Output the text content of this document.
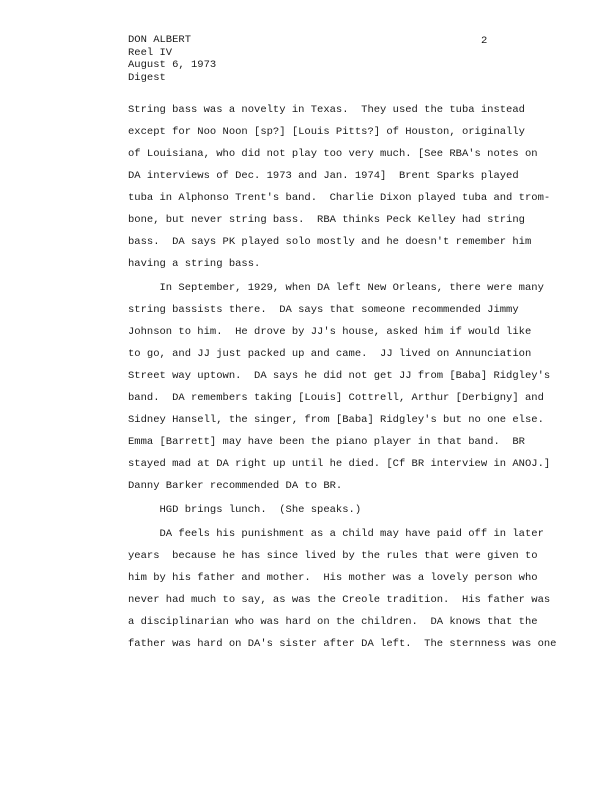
DON ALBERT
Reel IV
August 6, 1973
Digest
2
String bass was a novelty in Texas.  They used the tuba instead
except for Noo Noon [sp?] [Louis Pitts?] of Houston, originally
of Louisiana, who did not play too very much. [See RBA's notes on
DA interviews of Dec. 1973 and Jan. 1974]  Brent Sparks played
tuba in Alphonso Trent's band.  Charlie Dixon played tuba and trom-
bone, but never string bass.  RBA thinks Peck Kelley had string
bass.  DA says PK played solo mostly and he doesn't remember him
having a string bass.
In September, 1929, when DA left New Orleans, there were many
string bassists there.  DA says that someone recommended Jimmy
Johnson to him.  He drove by JJ's house, asked him if would like
to go, and JJ just packed up and came.  JJ lived on Annunciation
Street way uptown.  DA says he did not get JJ from [Baba] Ridgley's
band.  DA remembers taking [Louis] Cottrell, Arthur [Derbigny] and
Sidney Hansell, the singer, from [Baba] Ridgley's but no one else.
Emma [Barrett] may have been the piano player in that band.  BR
stayed mad at DA right up until he died. [Cf BR interview in ANOJ.]
Danny Barker recommended DA to BR.
HGD brings lunch.  (She speaks.)
DA feels his punishment as a child may have paid off in later
years  because he has since lived by the rules that were given to
him by his father and mother.  His mother was a lovely person who
never had much to say, as was the Creole tradition.  His father was
a disciplinarian who was hard on the children.  DA knows that the
father was hard on DA's sister after DA left.  The sternness was one
